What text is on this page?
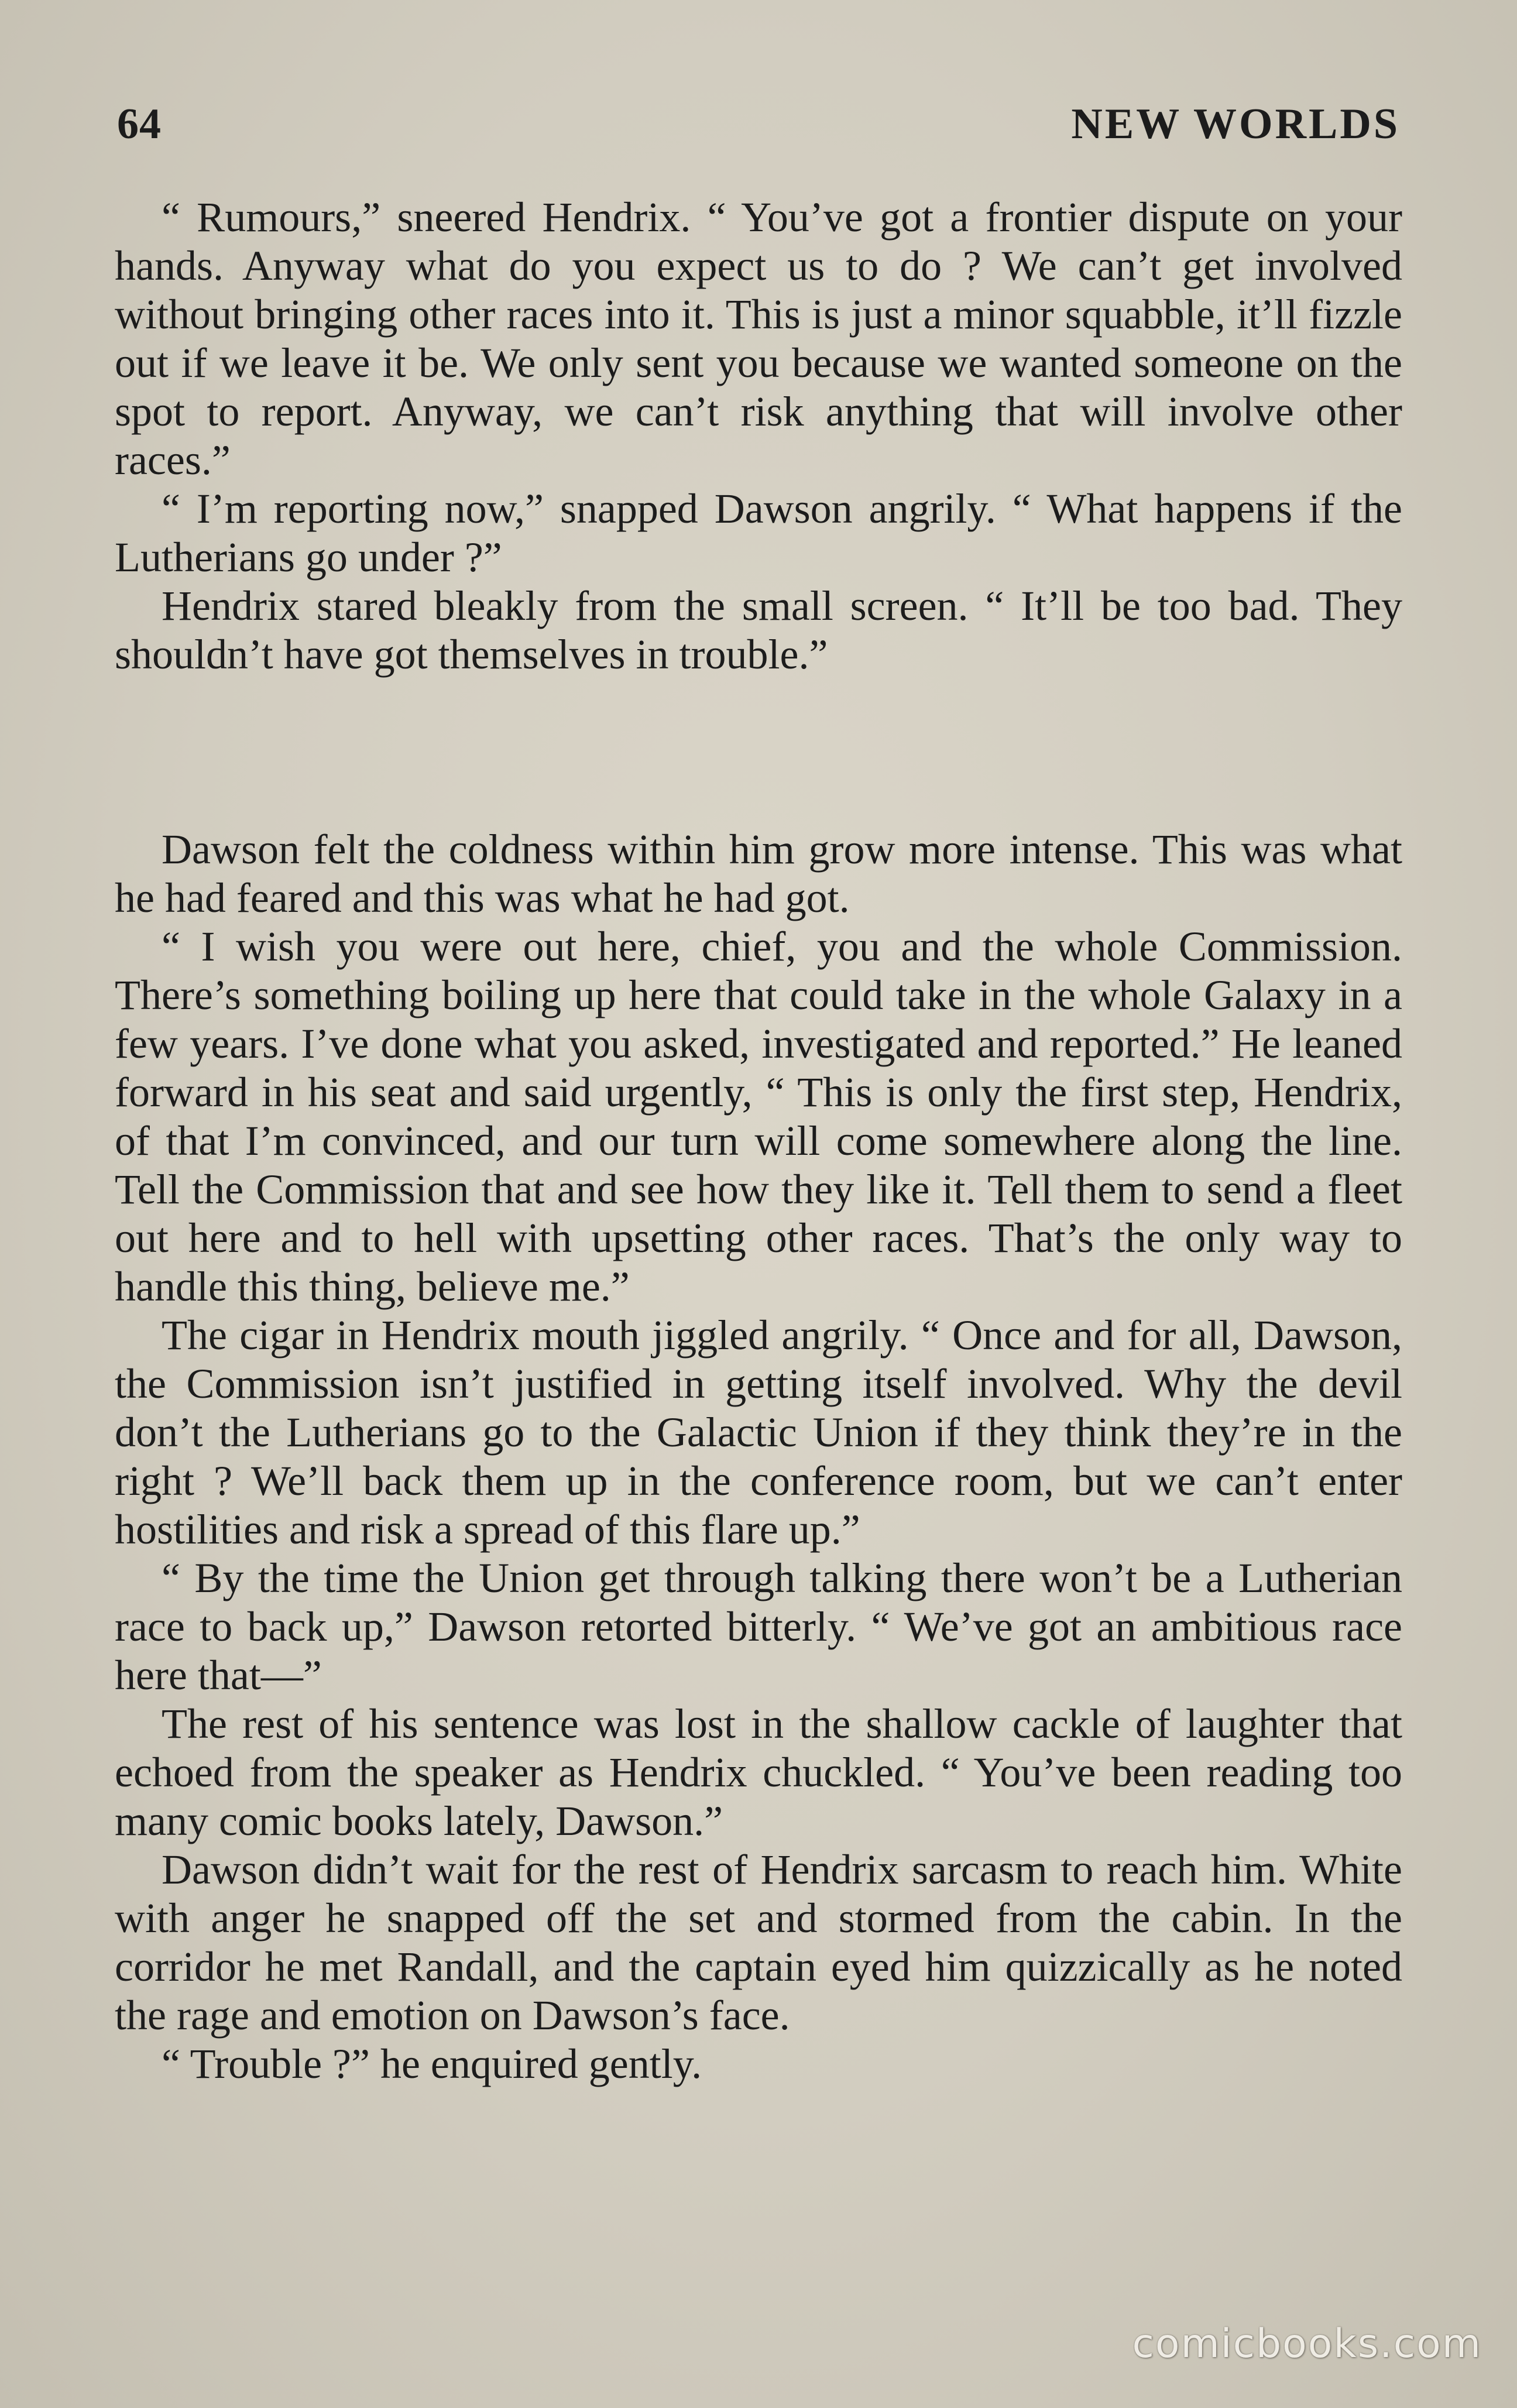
64	NEW WORLDS

“ Rumours,” sneered Hendrix. “ You’ve got a frontier dispute on your hands. Anyway what do you expect us to do ? We can’t get involved without bringing other races into it. This is just a minor squabble, it’ll fizzle out if we leave it be. We only sent you because we wanted someone on the spot to report. Anyway, we can’t risk anything that will involve other races.”

“ I’m reporting now,” snapped Dawson angrily. “ What happens if the Lutherians go under ?”

Hendrix stared bleakly from the small screen. “ It’ll be too bad. They shouldn’t have got themselves in trouble.”

Dawson felt the coldness within him grow more intense. This was what he had feared and this was what he had got.

“ I wish you were out here, chief, you and the whole Commission. There’s something boiling up here that could take in the whole Galaxy in a few years. I’ve done what you asked, investigated and reported.” He leaned forward in his seat and said urgently, “ This is only the first step, Hendrix, of that I’m convinced, and our turn will come somewhere along the line. Tell the Commission that and see how they like it. Tell them to send a fleet out here and to hell with upsetting other races. That’s the only way to handle this thing, believe me.”

The cigar in Hendrix mouth jiggled angrily. “ Once and for all, Dawson, the Commission isn’t justified in getting itself involved. Why the devil don’t the Lutherians go to the Galactic Union if they think they’re in the right ? We’ll back them up in the conference room, but we can’t enter hostilities and risk a spread of this flare up.”

“ By the time the Union get through talking there won’t be a Lutherian race to back up,” Dawson retorted bitterly. “ We’ve got an ambitious race here that—”

The rest of his sentence was lost in the shallow cackle of laughter that echoed from the speaker as Hendrix chuckled. “ You’ve been reading too many comic books lately, Dawson.”

Dawson didn’t wait for the rest of Hendrix sarcasm to reach him. White with anger he snapped off the set and stormed from the cabin. In the corridor he met Randall, and the captain eyed him quizzically as he noted the rage and emotion on Dawson’s face.

“ Trouble ?” he enquired gently.

comicbooks.com
